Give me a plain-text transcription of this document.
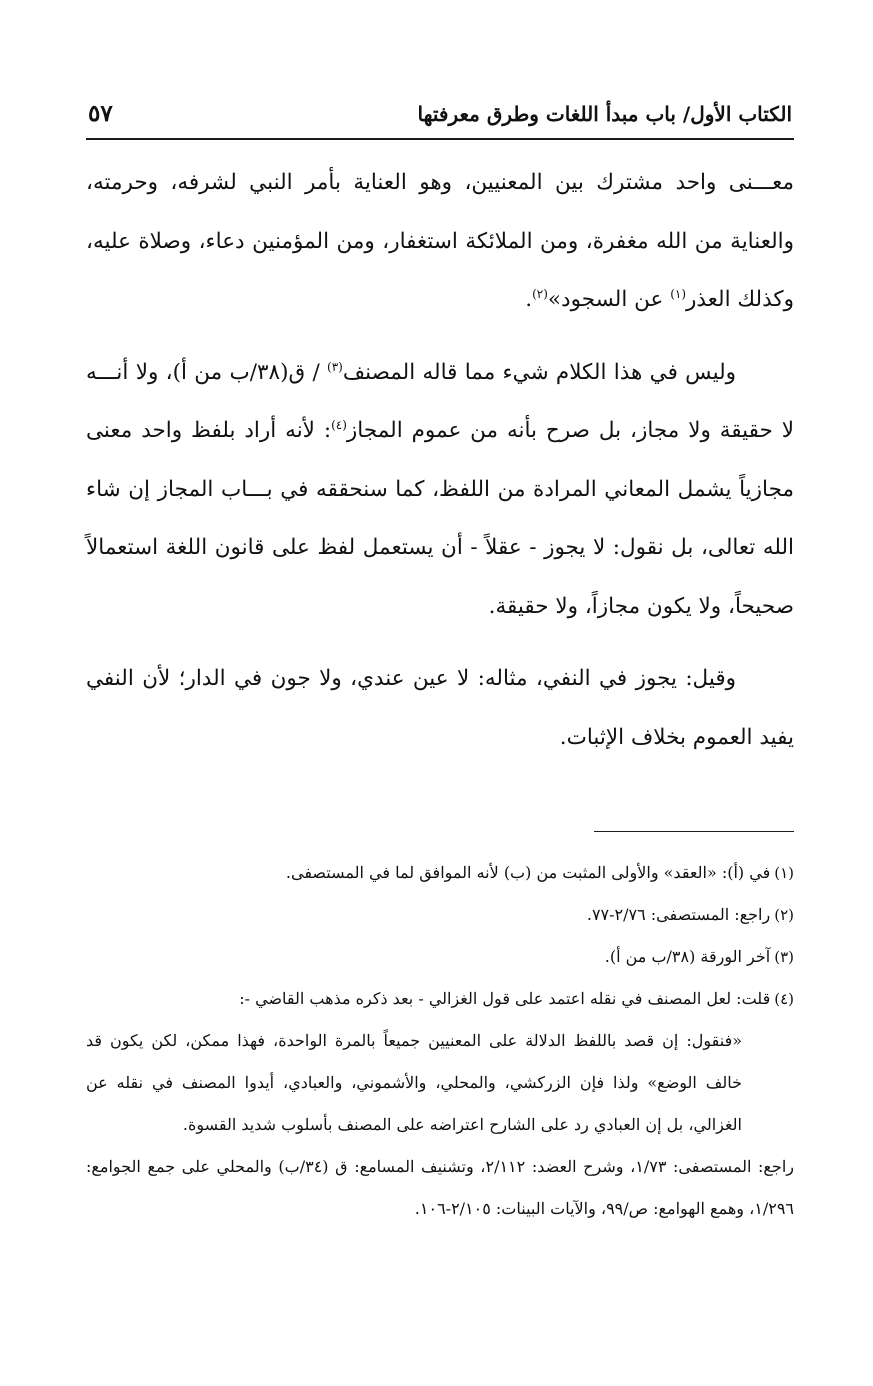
الكتاب الأول/ باب مبدأ اللغات وطرق معرفتها
٥٧

معـــنى واحد مشترك بين المعنيين، وهو العناية بأمر النبي لشرفه، وحرمته، والعناية من الله مغفرة، ومن الملائكة استغفار، ومن المؤمنين دعاء، وصلاة عليه، وكذلك العذر$^{(١)}$ عن السجود»$^{(٢)}$.

وليس في هذا الكلام شيء مما قاله المصنف$^{(٣)}$ / ق(٣٨/ب من أ)، ولا أنـــه لا حقيقة ولا مجاز، بل صرح بأنه من عموم المجاز$^{(٤)}$: لأنه أراد بلفظ واحد معنى مجازياً يشمل المعاني المرادة من اللفظ، كما سنحققه في بـــاب المجاز إن شاء الله تعالى، بل نقول: لا يجوز - عقلاً - أن يستعمل لفظ على قانون اللغة استعمالاً صحيحاً، ولا يكون مجازاً، ولا حقيقة.

وقيل: يجوز في النفي، مثاله: لا عين عندي، ولا جون في الدار؛ لأن النفي يفيد العموم بخلاف الإثبات.

(١)في (أ): «العقد» والأولى المثبت من (ب) لأنه الموافق لما في المستصفى.

(٢)راجع: المستصفى: ٢/٧٦-٧٧.

(٣)آخر الورقة (٣٨/ب من أ).

(٤)قلت: لعل المصنف في نقله اعتمد على قول الغزالي - بعد ذكره مذهب القاضي -:

«فنقول: إن قصد باللفظ الدلالة على المعنيين جميعاً بالمرة الواحدة، فهذا ممكن، لكن يكون قد خالف الوضع» ولذا فإن الزركشي، والمحلي، والأشموني، والعبادي، أيدوا المصنف في نقله عن الغزالي، بل إن العبادي رد على الشارح اعتراضه على المصنف بأسلوب شديد القسوة.

راجع: المستصفى: ١/٧٣، وشرح العضد: ٢/١١٢، وتشنيف المسامع: ق (٣٤/ب) والمحلي على جمع الجوامع: ١/٢٩٦، وهمع الهوامع: ص/٩٩، والآيات البينات: ٢/١٠٥-١٠٦.
